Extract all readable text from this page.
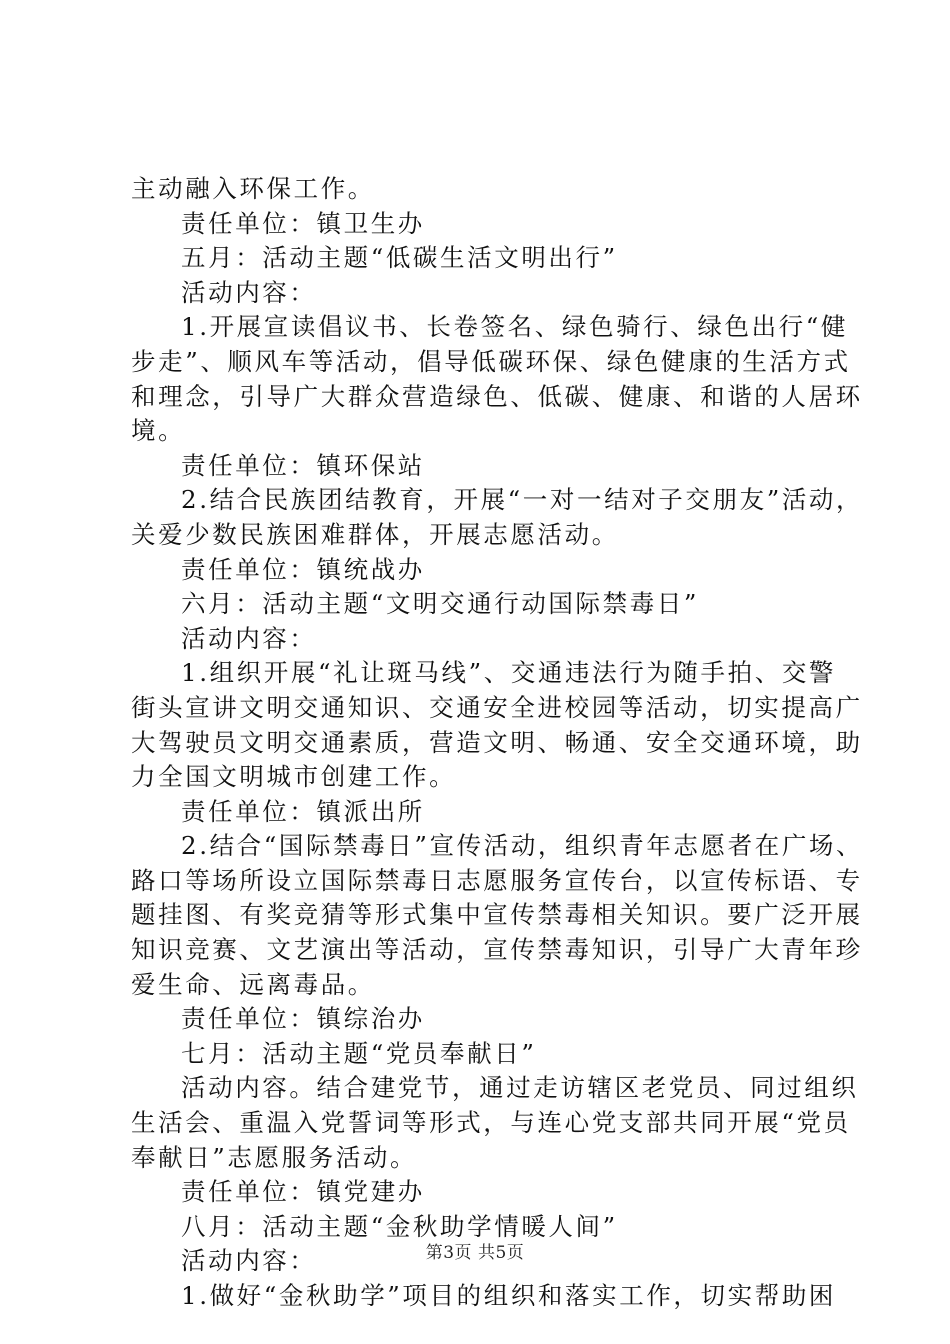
主动融入环保工作。
责任单位：镇卫生办
五月：活动主题“低碳生活文明出行”
活动内容：
1.开展宣读倡议书、长卷签名、绿色骑行、绿色出行“健
步走”、顺风车等活动，倡导低碳环保、绿色健康的生活方式
和理念，引导广大群众营造绿色、低碳、健康、和谐的人居环
境。
责任单位：镇环保站
2.结合民族团结教育，开展“一对一结对子交朋友”活动，
关爱少数民族困难群体，开展志愿活动。
责任单位：镇统战办
六月：活动主题“文明交通行动国际禁毒日”
活动内容：
1.组织开展“礼让斑马线”、交通违法行为随手拍、交警
街头宣讲文明交通知识、交通安全进校园等活动，切实提高广
大驾驶员文明交通素质，营造文明、畅通、安全交通环境，助
力全国文明城市创建工作。
责任单位：镇派出所
2.结合“国际禁毒日”宣传活动，组织青年志愿者在广场、
路口等场所设立国际禁毒日志愿服务宣传台，以宣传标语、专
题挂图、有奖竞猜等形式集中宣传禁毒相关知识。要广泛开展
知识竞赛、文艺演出等活动，宣传禁毒知识，引导广大青年珍
爱生命、远离毒品。
责任单位：镇综治办
七月：活动主题“党员奉献日”
活动内容。结合建党节，通过走访辖区老党员、同过组织
生活会、重温入党誓词等形式，与连心党支部共同开展“党员
奉献日”志愿服务活动。
责任单位：镇党建办
八月：活动主题“金秋助学情暖人间”
活动内容：
1.做好“金秋助学”项目的组织和落实工作，切实帮助困
第3页 共5页
